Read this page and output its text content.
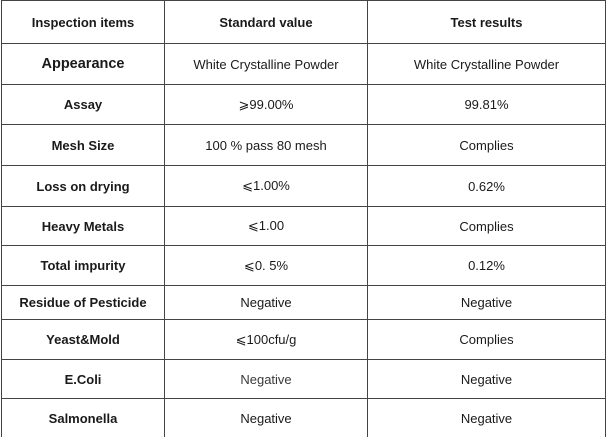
Inspection items	Standard value	Test results
Appearance	White Crystalline Powder	White Crystalline Powder
Assay	⩾99.00%	99.81%
Mesh Size	100 % pass 80 mesh	Complies
Loss on drying	⩽1.00%	0.62%
Heavy Metals	⩽1.00	Complies
Total impurity	⩽0. 5%	0.12%
Residue of Pesticide	Negative	Negative
Yeast&Mold	⩽100cfu/g	Complies
E.Coli	Negative	Negative
Salmonella	Negative	Negative
